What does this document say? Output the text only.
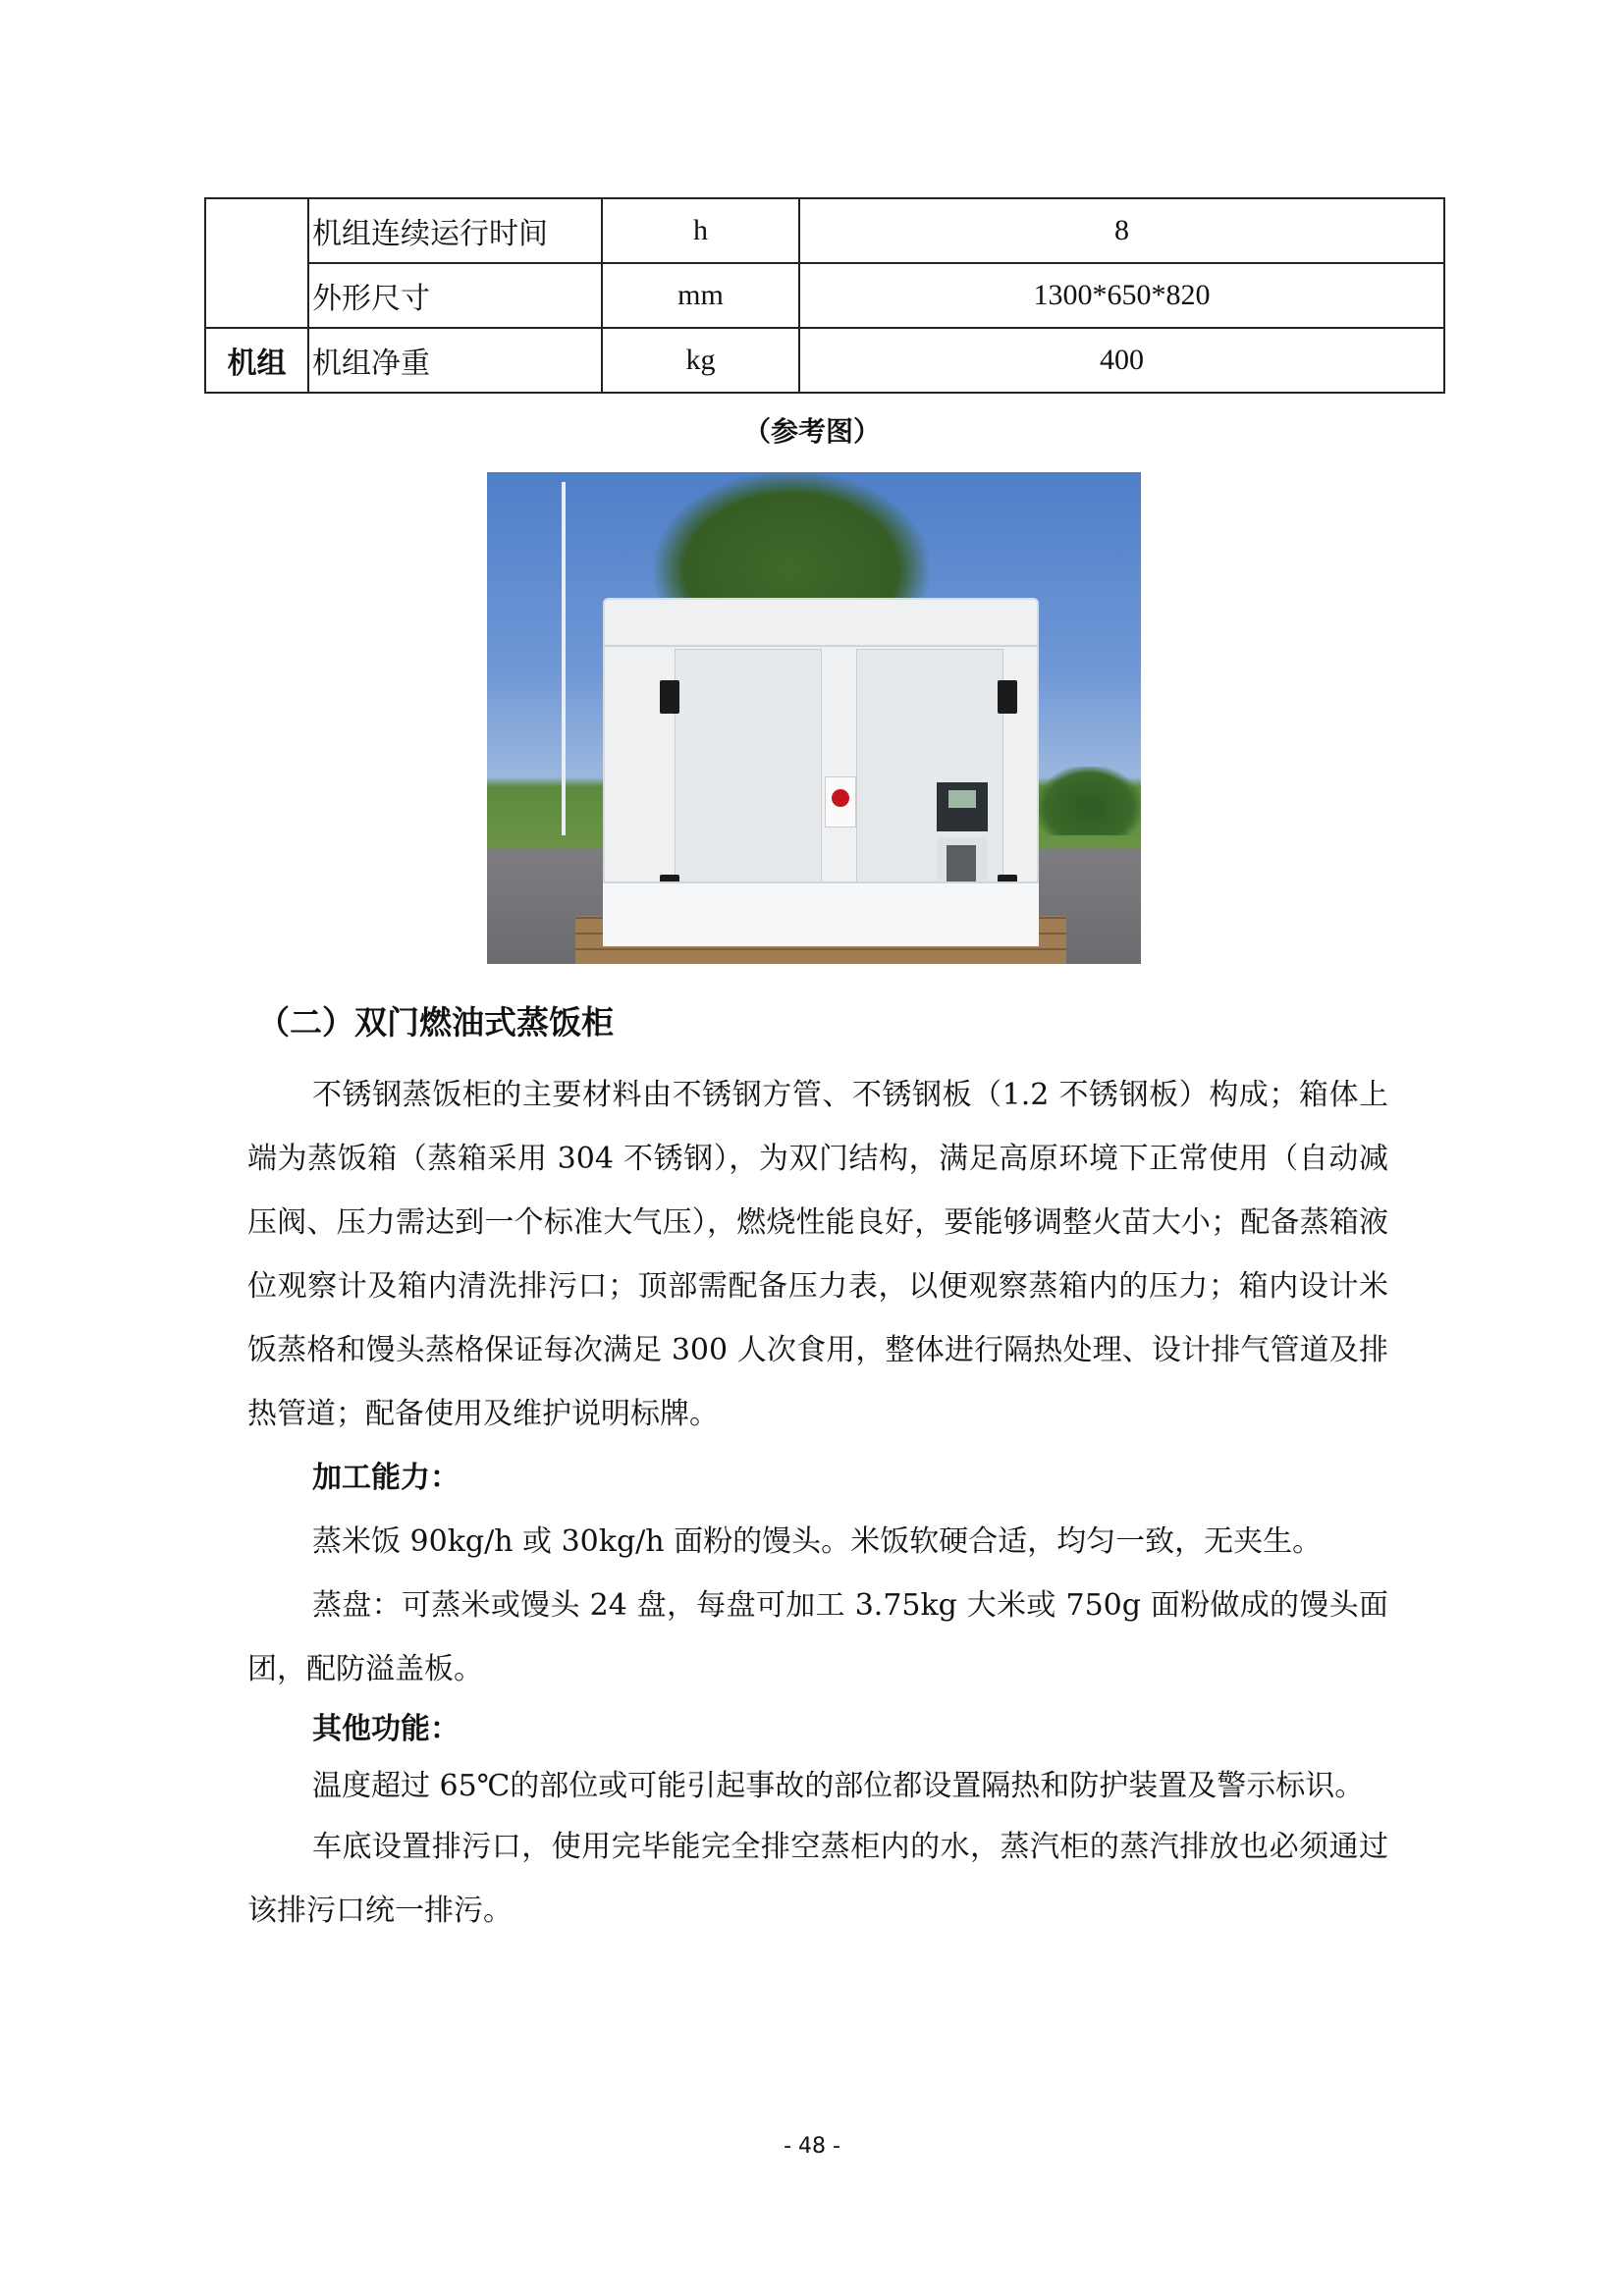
	机组连续运行时间	h	8
	外形尺寸	mm	1300*650*820
机组	机组净重	kg	400
（参考图）
（二）双门燃油式蒸饭柜

不锈钢蒸饭柜的主要材料由不锈钢方管、不锈钢板（1.2 不锈钢板）构成；箱体上端为蒸饭箱（蒸箱采用 304 不锈钢），为双门结构，满足高原环境下正常使用（自动减压阀、压力需达到一个标准大气压），燃烧性能良好，要能够调整火苗大小；配备蒸箱液位观察计及箱内清洗排污口；顶部需配备压力表，以便观察蒸箱内的压力；箱内设计米饭蒸格和馒头蒸格保证每次满足 300 人次食用，整体进行隔热处理、设计排气管道及排热管道；配备使用及维护说明标牌。

加工能力：

蒸米饭 90kg/h 或 30kg/h 面粉的馒头。米饭软硬合适，均匀一致，无夹生。

蒸盘：可蒸米或馒头 24 盘，每盘可加工 3.75kg 大米或 750g 面粉做成的馒头面团，配防溢盖板。

其他功能：

温度超过 65℃的部位或可能引起事故的部位都设置隔热和防护装置及警示标识。

车底设置排污口，使用完毕能完全排空蒸柜内的水，蒸汽柜的蒸汽排放也必须通过该排污口统一排污。

- 48 -
